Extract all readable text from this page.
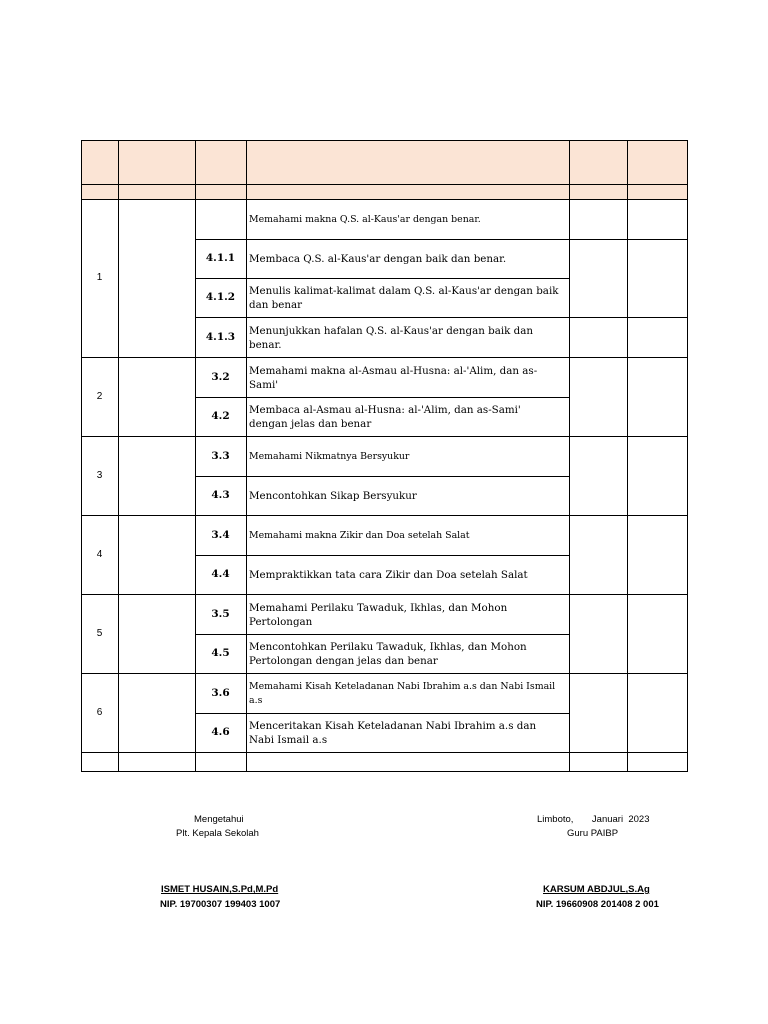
1
2
3
4
5
6
4.1.1
4.1.2
4.1.3
3.2
4.2
3.3
4.3
3.4
4.4
3.5
4.5
3.6
4.6
Memahami makna Q.S. al-Kaus'ar dengan benar.
Membaca Q.S. al-Kaus'ar dengan baik dan benar.
Menulis kalimat-kalimat dalam Q.S. al-Kaus'ar dengan baik dan benar
Menunjukkan hafalan Q.S. al-Kaus'ar dengan baik dan benar.
Memahami makna al-Asmau al-Husna: al-'Alim, dan as-Sami'
Membaca al-Asmau al-Husna: al-'Alim, dan as-Sami' dengan jelas dan benar
Memahami Nikmatnya Bersyukur
Mencontohkan Sikap Bersyukur
Memahami makna Zikir dan Doa setelah Salat
Mempraktikkan tata cara Zikir dan Doa setelah Salat
Memahami Perilaku Tawaduk, Ikhlas, dan Mohon Pertolongan
Mencontohkan Perilaku Tawaduk, Ikhlas, dan Mohon Pertolongan dengan jelas dan benar
Memahami Kisah Keteladanan Nabi Ibrahim a.s dan Nabi Ismail a.s
Menceritakan Kisah Keteladanan Nabi Ibrahim a.s dan Nabi Ismail a.s
Mengetahui
Plt. Kepala Sekolah
ISMET HUSAIN,S.Pd,M.Pd
NIP. 19700307 199403 1007
Limboto,       Januari  2023
Guru PAIBP
KARSUM ABDJUL,S.Ag
NIP. 19660908 201408 2 001
